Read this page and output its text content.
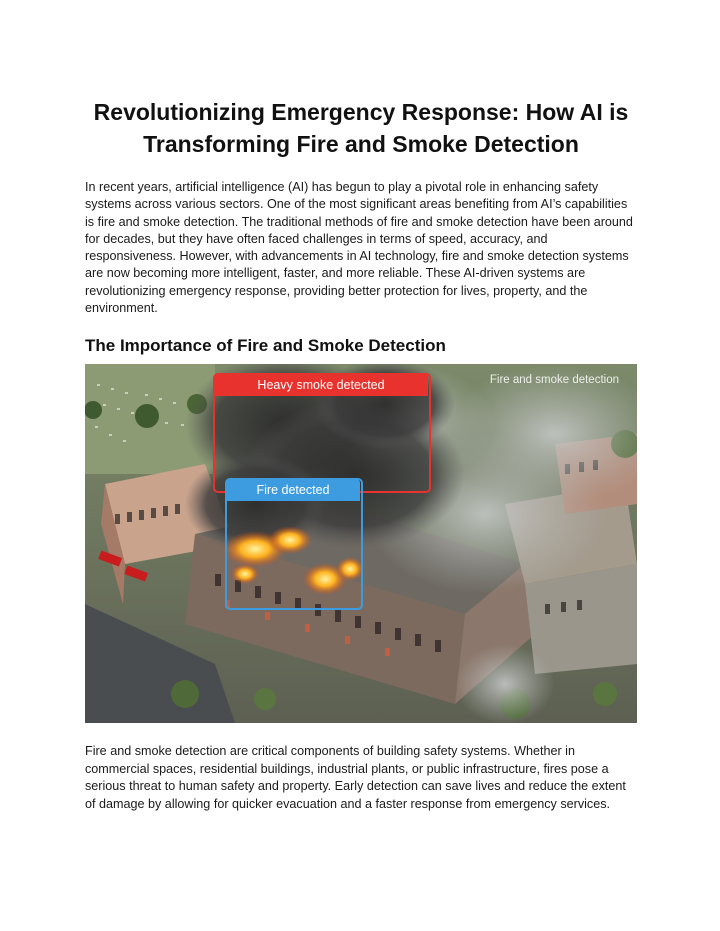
Revolutionizing Emergency Response: How AI is Transforming Fire and Smoke Detection

In recent years, artificial intelligence (AI) has begun to play a pivotal role in enhancing safety systems across various sectors. One of the most significant areas benefiting from AI’s capabilities is fire and smoke detection. The traditional methods of fire and smoke detection have been around for decades, but they have often faced challenges in terms of speed, accuracy, and responsiveness. However, with advancements in AI technology, fire and smoke detection systems are now becoming more intelligent, faster, and more reliable. These AI-driven systems are revolutionizing emergency response, providing better protection for lives, property, and the environment.

The Importance of Fire and Smoke Detection
Heavy smoke detected
Fire detected
Fire and smoke detection

Fire and smoke detection are critical components of building safety systems. Whether in commercial spaces, residential buildings, industrial plants, or public infrastructure, fires pose a serious threat to human safety and property. Early detection can save lives and reduce the extent of damage by allowing for quicker evacuation and a faster response from emergency services.
